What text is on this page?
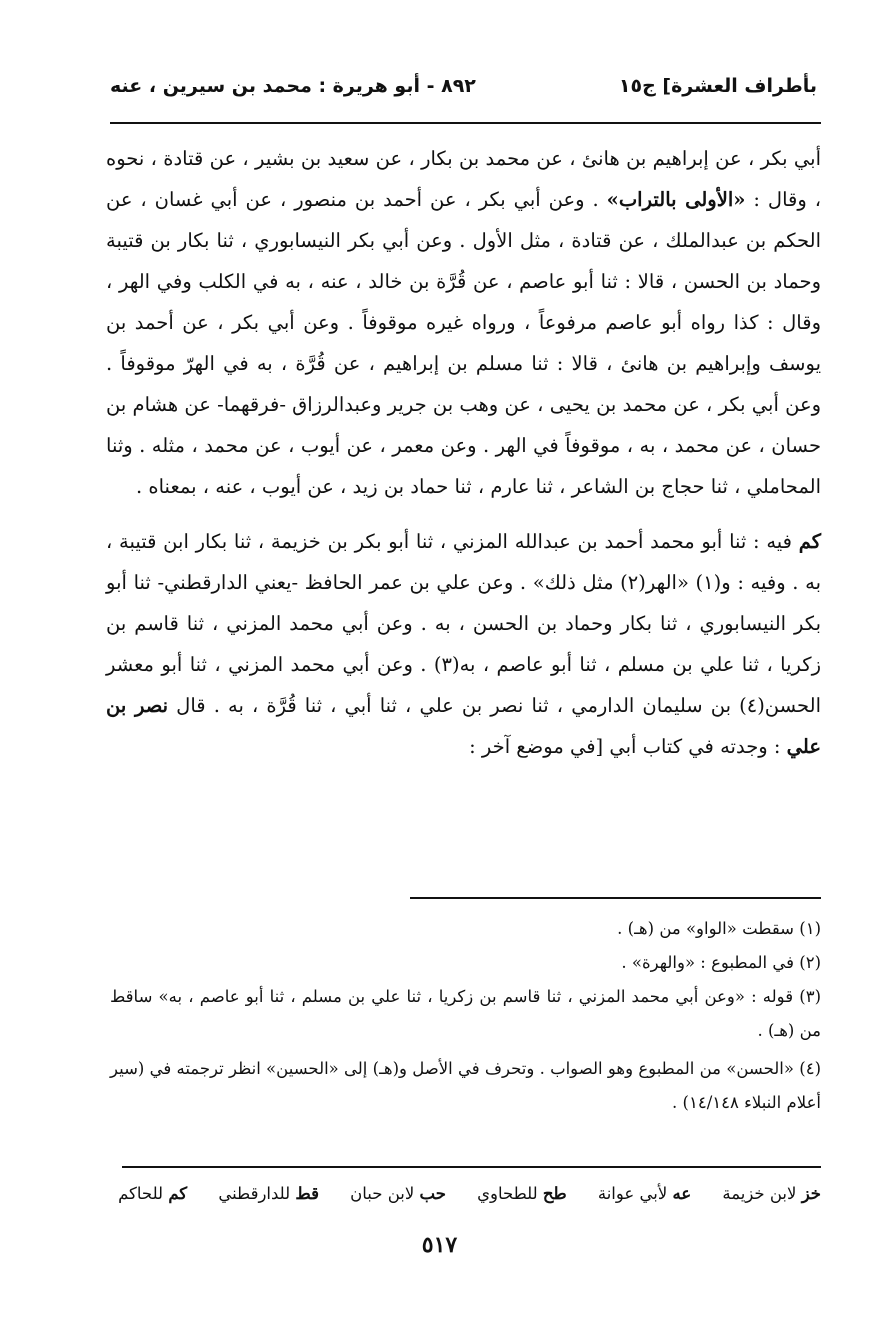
بأطراف العشرة] ج١٥
٨٩٢ - أبو هريرة : محمد بن سيرين ، عنه

أبي بكر ، عن إبراهيم بن هانئ ، عن محمد بن بكار ، عن سعيد بن بشير ، عن قتادة ، نحوه ، وقال : «الأولى بالتراب» . وعن أبي بكر ، عن أحمد بن منصور ، عن أبي غسان ، عن الحكم بن عبدالملك ، عن قتادة ، مثل الأول . وعن أبي بكر النيسابوري ، ثنا بكار بن قتيبة وحماد بن الحسن ، قالا : ثنا أبو عاصم ، عن قُرَّة بن خالد ، عنه ، به في الكلب وفي الهر ، وقال : كذا رواه أبو عاصم مرفوعاً ، ورواه غيره موقوفاً . وعن أبي بكر ، عن أحمد بن يوسف وإبراهيم بن هانئ ، قالا : ثنا مسلم بن إبراهيم ، عن قُرَّة ، به في الهرّ موقوفاً . وعن أبي بكر ، عن محمد بن يحيى ، عن وهب بن جرير وعبدالرزاق -فرقهما- عن هشام بن حسان ، عن محمد ، به ، موقوفاً في الهر . وعن معمر ، عن أيوب ، عن محمد ، مثله . وثنا المحاملي ، ثنا حجاج بن الشاعر ، ثنا عارم ، ثنا حماد بن زيد ، عن أيوب ، عنه ، بمعناه .

كم فيه : ثنا أبو محمد أحمد بن عبدالله المزني ، ثنا أبو بكر بن خزيمة ، ثنا بكار ابن قتيبة ، به . وفيه : و(١) «الهر(٢) مثل ذلك» . وعن علي بن عمر الحافظ -يعني الدارقطني- ثنا أبو بكر النيسابوري ، ثنا بكار وحماد بن الحسن ، به . وعن أبي محمد المزني ، ثنا قاسم بن زكريا ، ثنا علي بن مسلم ، ثنا أبو عاصم ، به(٣) . وعن أبي محمد المزني ، ثنا أبو معشر الحسن(٤) بن سليمان الدارمي ، ثنا نصر بن علي ، ثنا أبي ، ثنا قُرَّة ، به . قال نصر بن علي : وجدته في كتاب أبي [في موضع آخر :

(١) سقطت «الواو» من (هـ) .

(٢) في المطبوع : «والهرة» .

(٣) قوله : «وعن أبي محمد المزني ، ثنا قاسم بن زكريا ، ثنا علي بن مسلم ، ثنا أبو عاصم ، به» ساقط من (هـ) .

(٤) «الحسن» من المطبوع وهو الصواب . وتحرف في الأصل و(هـ) إلى «الحسين» انظر ترجمته في (سير أعلام النبلاء ١٤/١٤٨) .

خز لابن خزيمة
عه لأبي عوانة
طح للطحاوي
حب لابن حبان
قط للدارقطني
كم للحاكم
٥١٧
